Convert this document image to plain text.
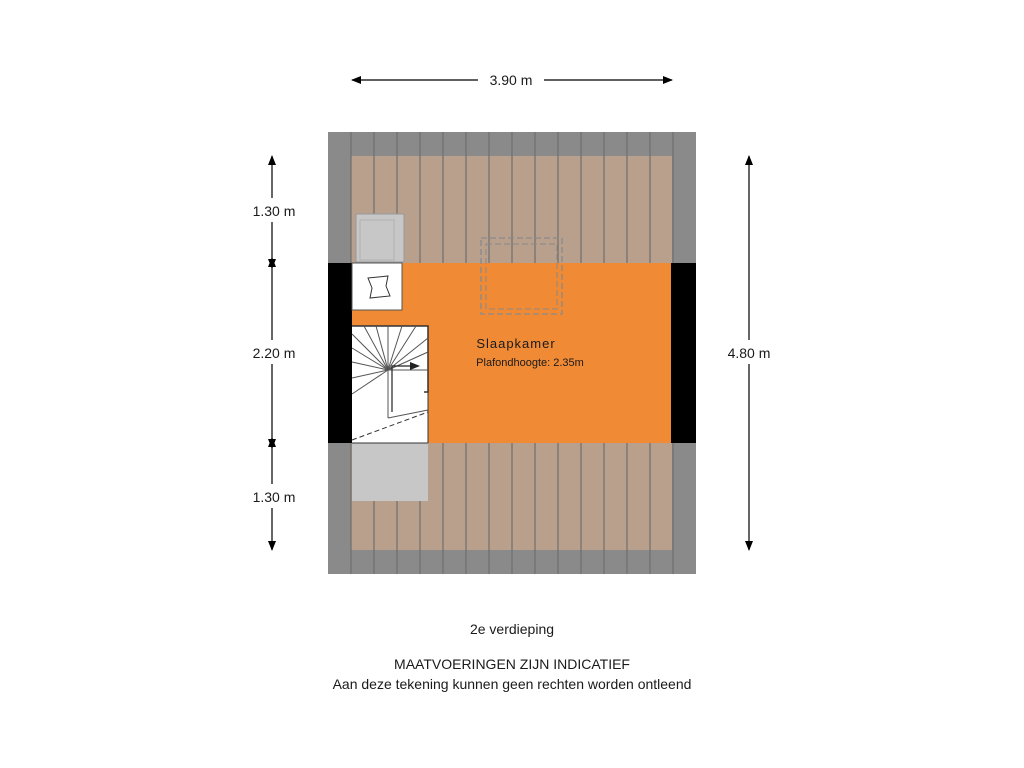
Slaapkamer
Plafondhoogte: 2.35m
3.90 m
1.30 m
2.20 m
1.30 m
4.80 m
2e verdieping
MAATVOERINGEN ZIJN INDICATIEF
Aan deze tekening kunnen geen rechten worden ontleend
